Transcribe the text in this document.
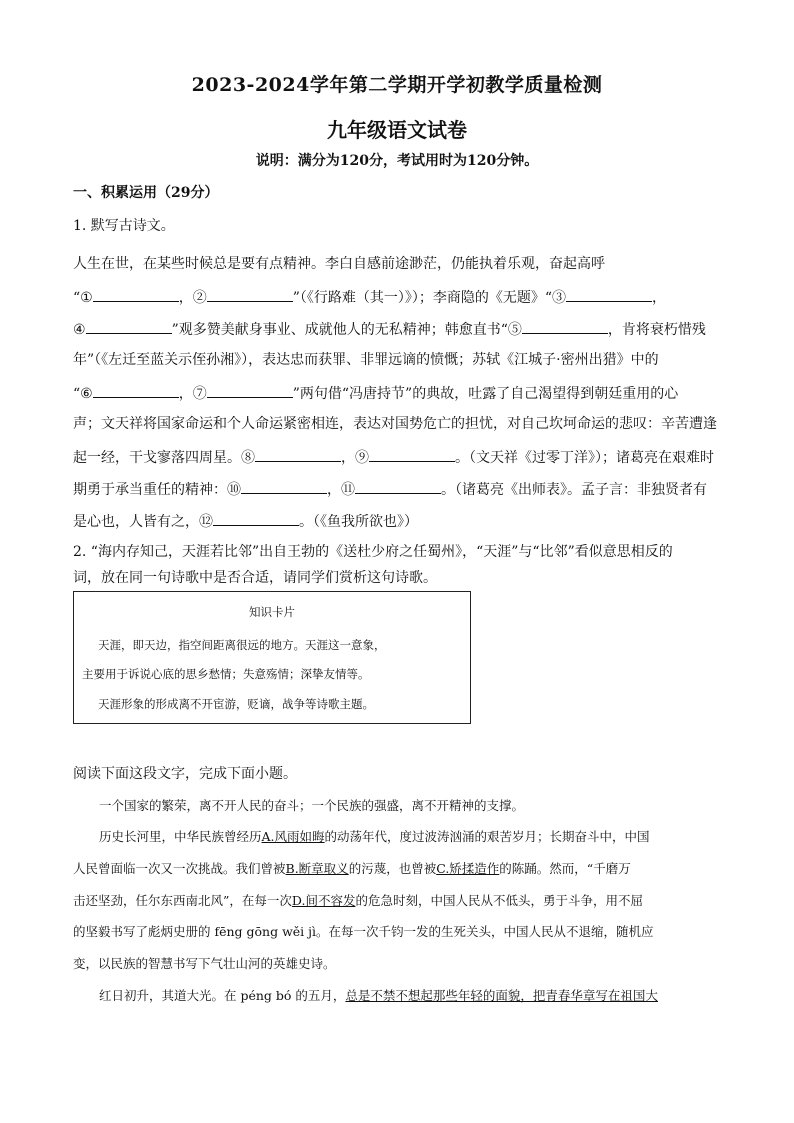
2023-2024学年第二学期开学初教学质量检测
九年级语文试卷
说明：满分为120分，考试用时为120分钟。
一、积累运用（29分）
1. 默写古诗文。
人生在世，在某些时候总是要有点精神。李白自感前途渺茫，仍能执着乐观，奋起高呼
“①	，②	”（《行路难（其一）》）；李商隐的《无题》“③	，
④	”观多赞美献身事业、成就他人的无私精神；韩愈直书“⑤	，肯将衰朽惜残
年”（《左迁至蓝关示侄孙湘》），表达忠而获罪、非罪远谪的愤慨；苏轼《江城子·密州出猎》中的
“⑥	，⑦	”两句借“冯唐持节”的典故，吐露了自己渴望得到朝廷重用的心
声；文天祥将国家命运和个人命运紧密相连，表达对国势危亡的担忧，对自己坎坷命运的悲叹：辛苦遭逢
起一经，干戈寥落四周星。⑧	，⑨	。（文天祥《过零丁洋》）；诸葛亮在艰难时
期勇于承当重任的精神：⑩	，⑪	。（诸葛亮《出师表》。孟子言：非独贤者有
是心也，人皆有之，⑫	。（《鱼我所欲也》）
2. “海内存知己，天涯若比邻”出自王勃的《送杜少府之任蜀州》，“天涯”与“比邻”看似意思相反的
词，放在同一句诗歌中是否合适，请同学们赏析这句诗歌。
知识卡片
天涯，即天边，指空间距离很远的地方。天涯这一意象，
主要用于诉说心底的思乡愁情；失意殇情；深挚友情等。
天涯形象的形成离不开宦游，贬谪，战争等诗歌主题。
阅读下面这段文字，完成下面小题。
一个国家的繁荣，离不开人民的奋斗；一个民族的强盛，离不开精神的支撑。
历史长河里，中华民族曾经历A.风雨如晦的动荡年代，度过波涛汹涌的艰苦岁月；长期奋斗中，中国
人民曾面临一次又一次挑战。我们曾被B.断章取义的污蔑，也曾被C.矫揉造作的陈踊。然而，“千磨万
击还坚劲，任尔东西南北风”，在每一次D.间不容发的危急时刻，中国人民从不低头，勇于斗争，用不屈
的坚毅书写了彪炳史册的 fēng gōng wěi jì。在每一次千钧一发的生死关头，中国人民从不退缩，随机应
变，以民族的智慧书写下气壮山河的英雄史诗。
红日初升，其道大光。在 péng bó 的五月，总是不禁不想起那些年轻的面貌，把青春华章写在祖国大
